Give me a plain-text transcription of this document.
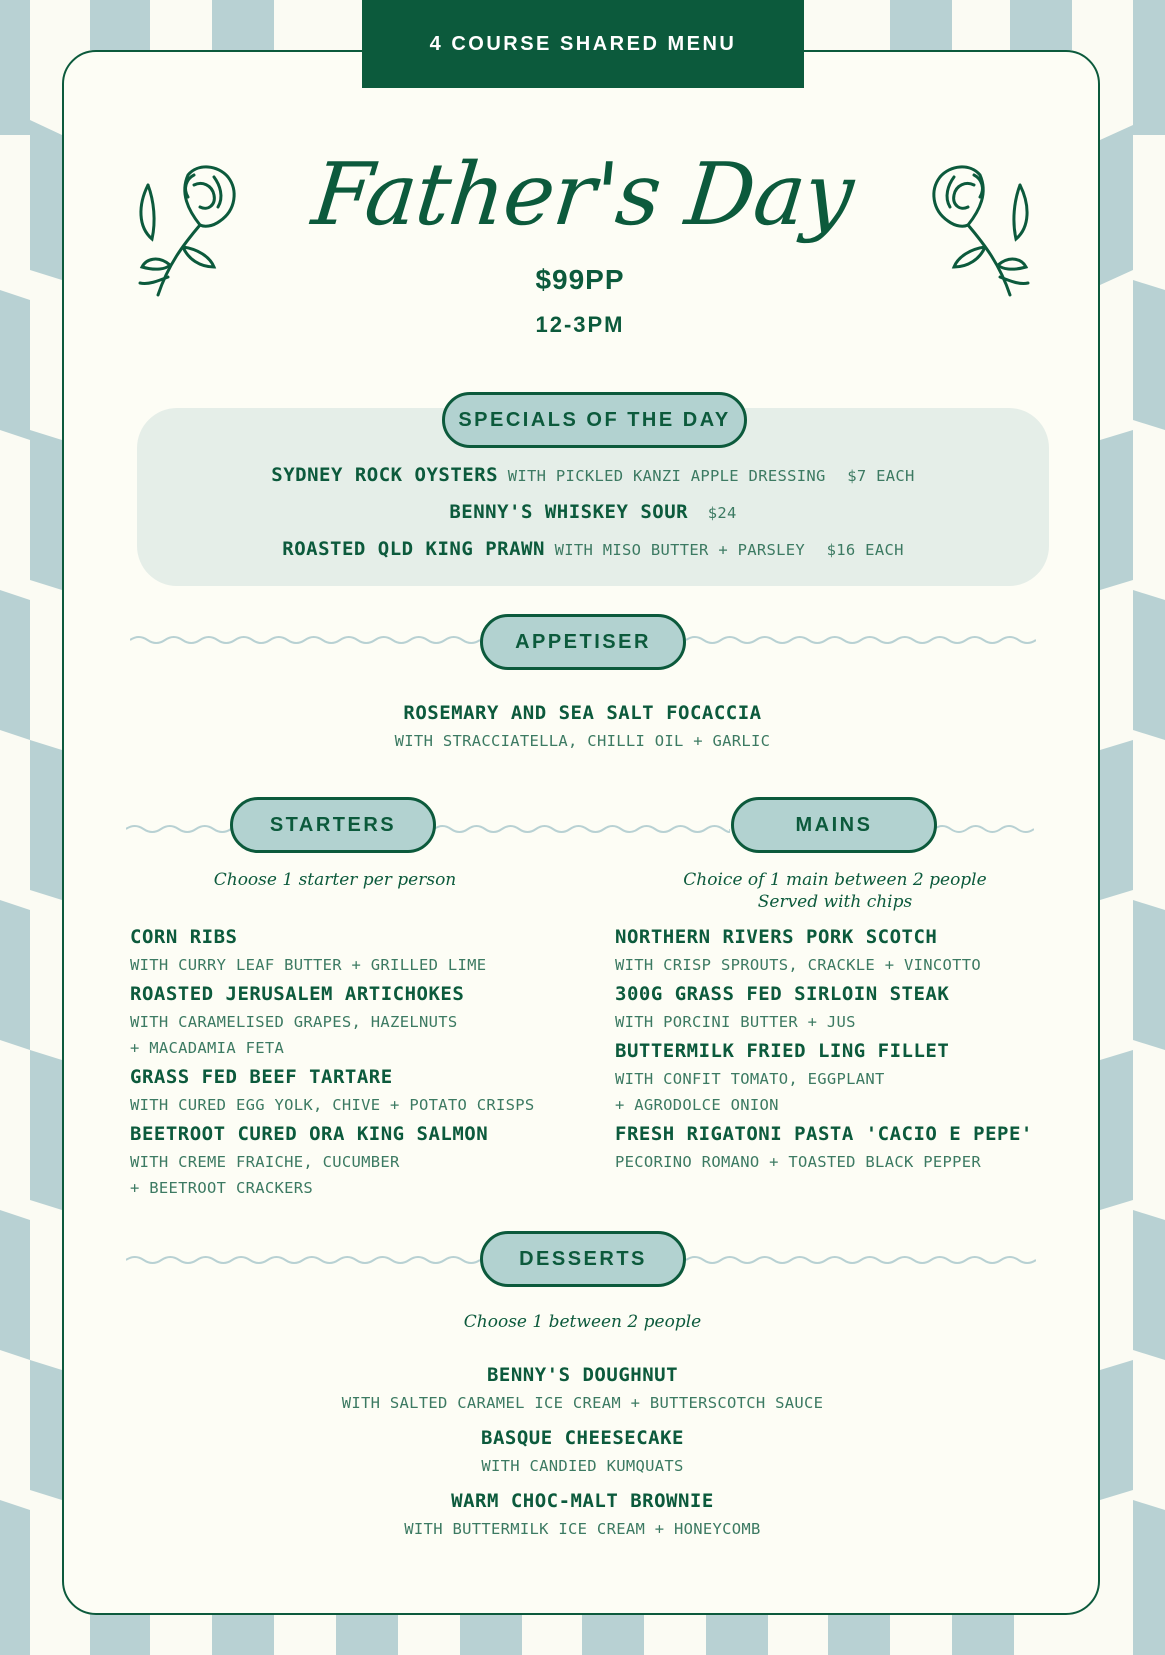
4 COURSE SHARED MENU
Father's Day
$99PP
12-3PM
SPECIALS OF THE DAY
SYDNEY ROCK OYSTERS WITH PICKLED KANZI APPLE DRESSING $7 EACH
BENNY'S WHISKEY SOUR $24
ROASTED QLD KING PRAWN WITH MISO BUTTER + PARSLEY $16 EACH
APPETISER
ROSEMARY AND SEA SALT FOCACCIA
WITH STRACCIATELLA, CHILLI OIL + GARLIC
STARTERS
Choose 1 starter per person
CORN RIBS
WITH CURRY LEAF BUTTER + GRILLED LIME
ROASTED JERUSALEM ARTICHOKES
WITH CARAMELISED GRAPES, HAZELNUTS
+ MACADAMIA FETA
GRASS FED BEEF TARTARE
WITH CURED EGG YOLK, CHIVE + POTATO CRISPS
BEETROOT CURED ORA KING SALMON
WITH CREME FRAICHE, CUCUMBER
+ BEETROOT CRACKERS
MAINS
Choice of 1 main between 2 people
Served with chips
NORTHERN RIVERS PORK SCOTCH
WITH CRISP SPROUTS, CRACKLE + VINCOTTO
300G GRASS FED SIRLOIN STEAK
WITH PORCINI BUTTER + JUS
BUTTERMILK FRIED LING FILLET
WITH CONFIT TOMATO, EGGPLANT
+ AGRODOLCE ONION
FRESH RIGATONI PASTA 'CACIO E PEPE'
PECORINO ROMANO + TOASTED BLACK PEPPER
DESSERTS
Choose 1 between 2 people
BENNY'S DOUGHNUT
WITH SALTED CARAMEL ICE CREAM + BUTTERSCOTCH SAUCE
BASQUE CHEESECAKE
WITH CANDIED KUMQUATS
WARM CHOC-MALT BROWNIE
WITH BUTTERMILK ICE CREAM + HONEYCOMB
